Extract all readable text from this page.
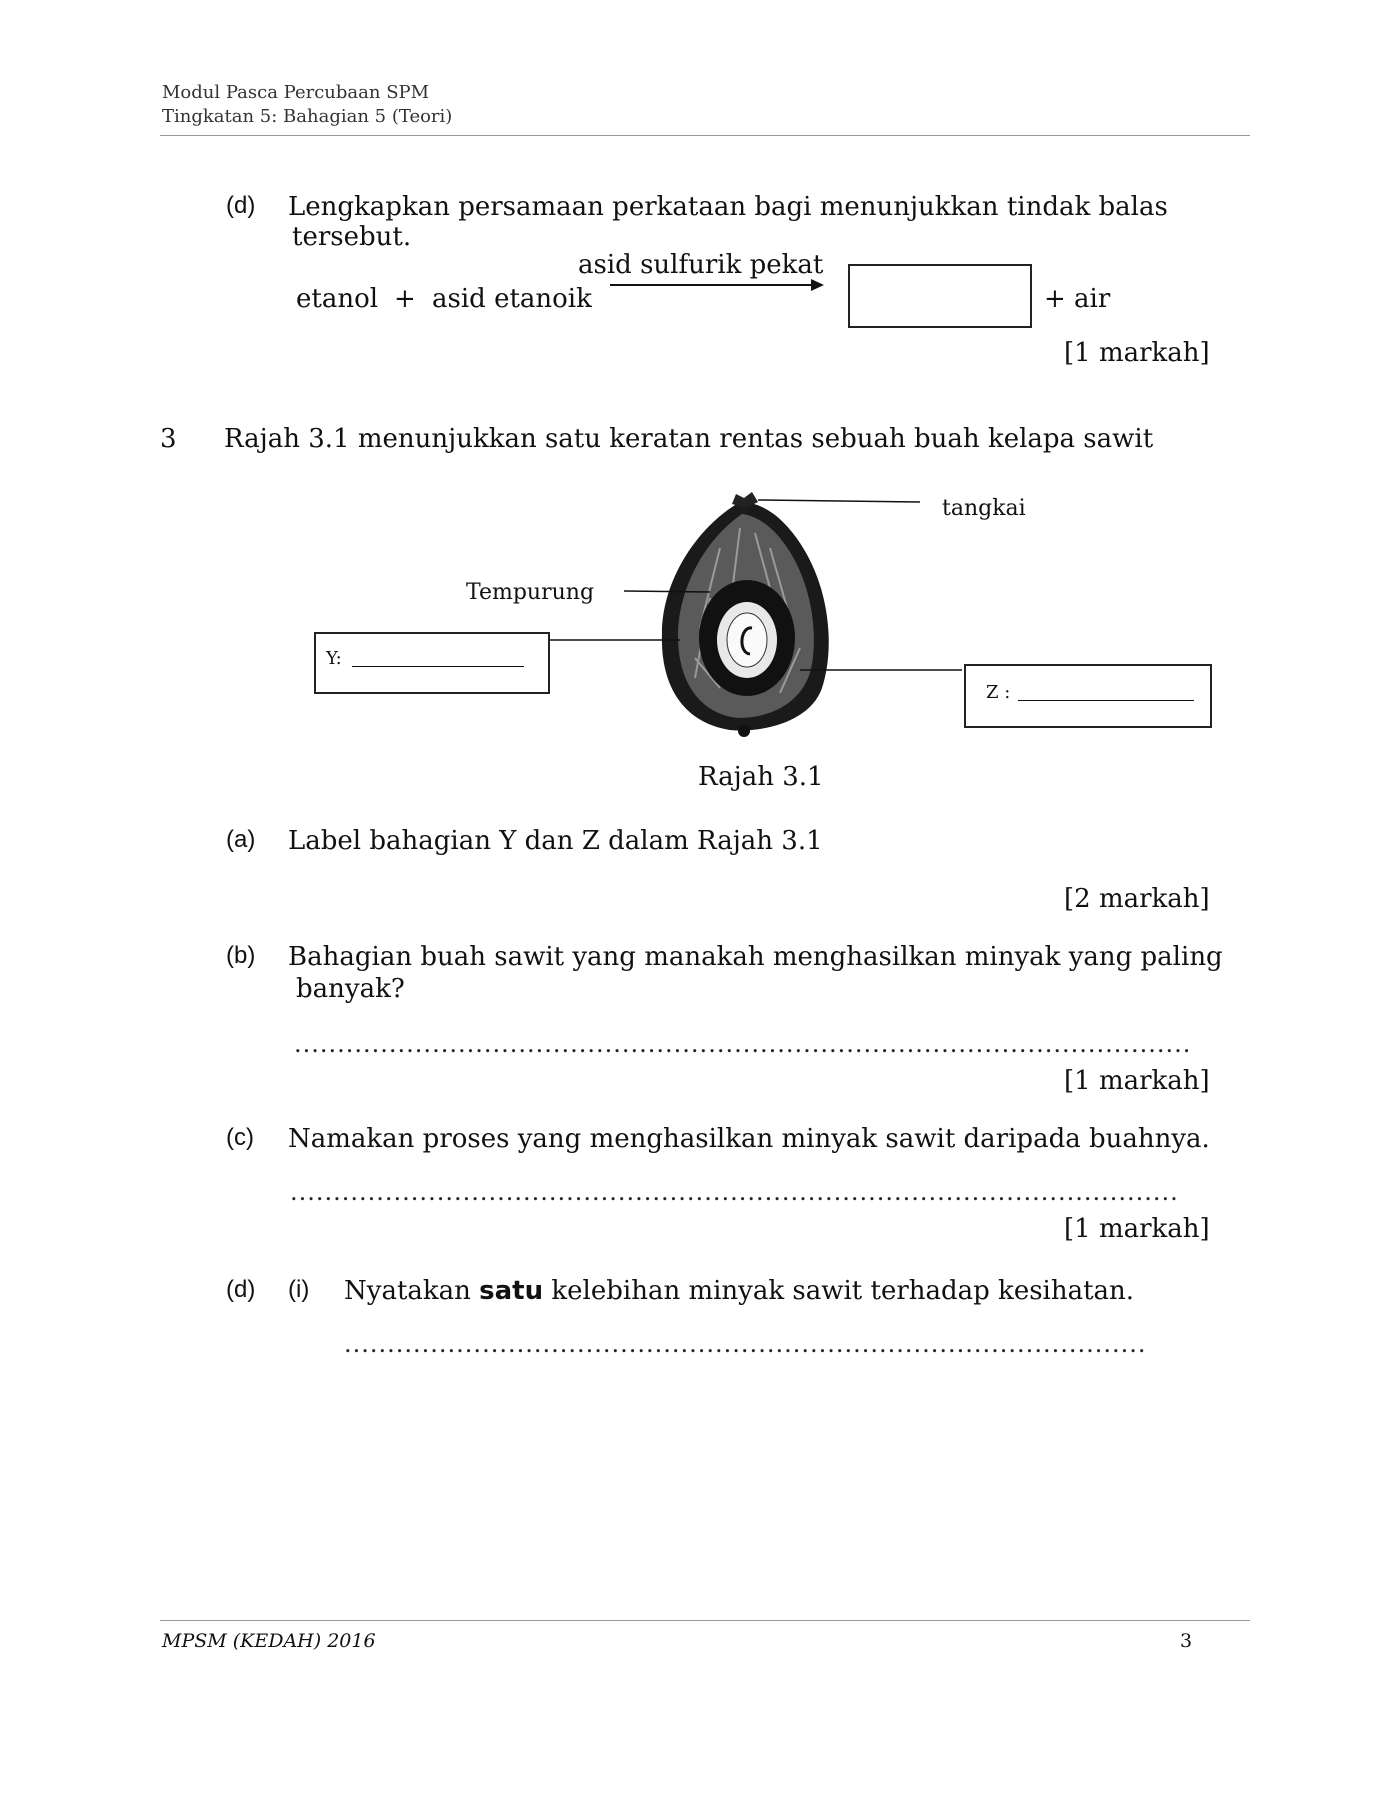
Modul Pasca Percubaan SPM
Tingkatan 5: Bahagian 5 (Teori)
(d) Lengkapkan persamaan perkataan bagi menunjukkan tindak balas
tersebut.
asid sulfurik pekat
etanol + asid etanoik	+ air
[1 markah]
3 Rajah 3.1 menunjukkan satu keratan rentas sebuah buah kelapa sawit
tangkai
Tempurung
Y:
Z :
Rajah 3.1
(a) Label bahagian Y dan Z dalam Rajah 3.1
[2 markah]
(b) Bahagian buah sawit yang manakah menghasilkan minyak yang paling
banyak?
........................................................................................................
[1 markah]
(c) Namakan proses yang menghasilkan minyak sawit daripada buahnya.
.......................................................................................................
[1 markah]
(d) (i) Nyatakan satu kelebihan minyak sawit terhadap kesihatan.
.............................................................................................
MPSM (KEDAH) 2016	3
